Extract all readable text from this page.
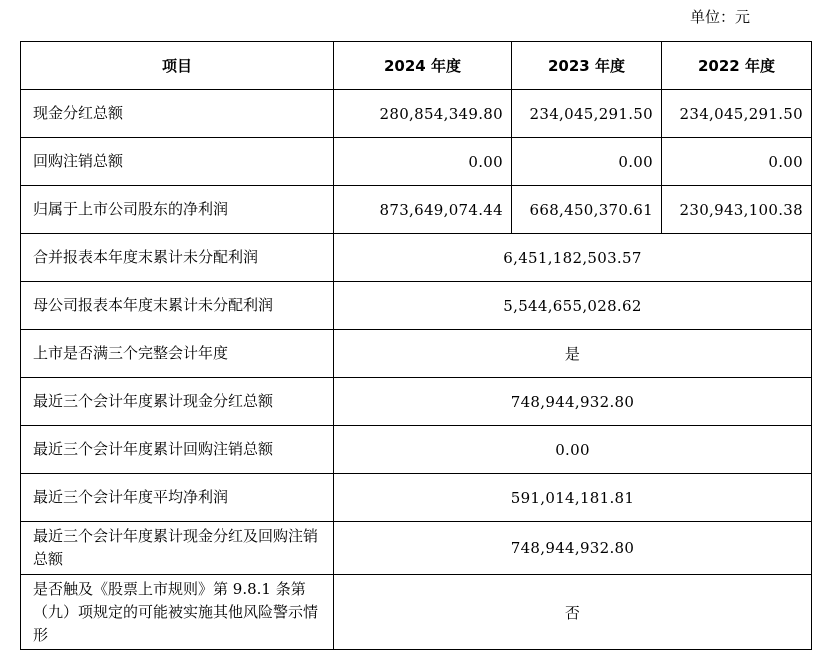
单位：元
项目	2024 年度	2023 年度	2022 年度
现金分红总额	280,854,349.80	234,045,291.50	234,045,291.50
回购注销总额	0.00	0.00	0.00
归属于上市公司股东的净利润	873,649,074.44	668,450,370.61	230,943,100.38
合并报表本年度末累计未分配利润	6,451,182,503.57		
母公司报表本年度末累计未分配利润	5,544,655,028.62		
上市是否满三个完整会计年度	是		
最近三个会计年度累计现金分红总额	748,944,932.80		
最近三个会计年度累计回购注销总额	0.00		
最近三个会计年度平均净利润	591,014,181.81		
最近三个会计年度累计现金分红及回购注销总额	748,944,932.80		
是否触及《股票上市规则》第 9.8.1 条第（九）项规定的可能被实施其他风险警示情形	否		
